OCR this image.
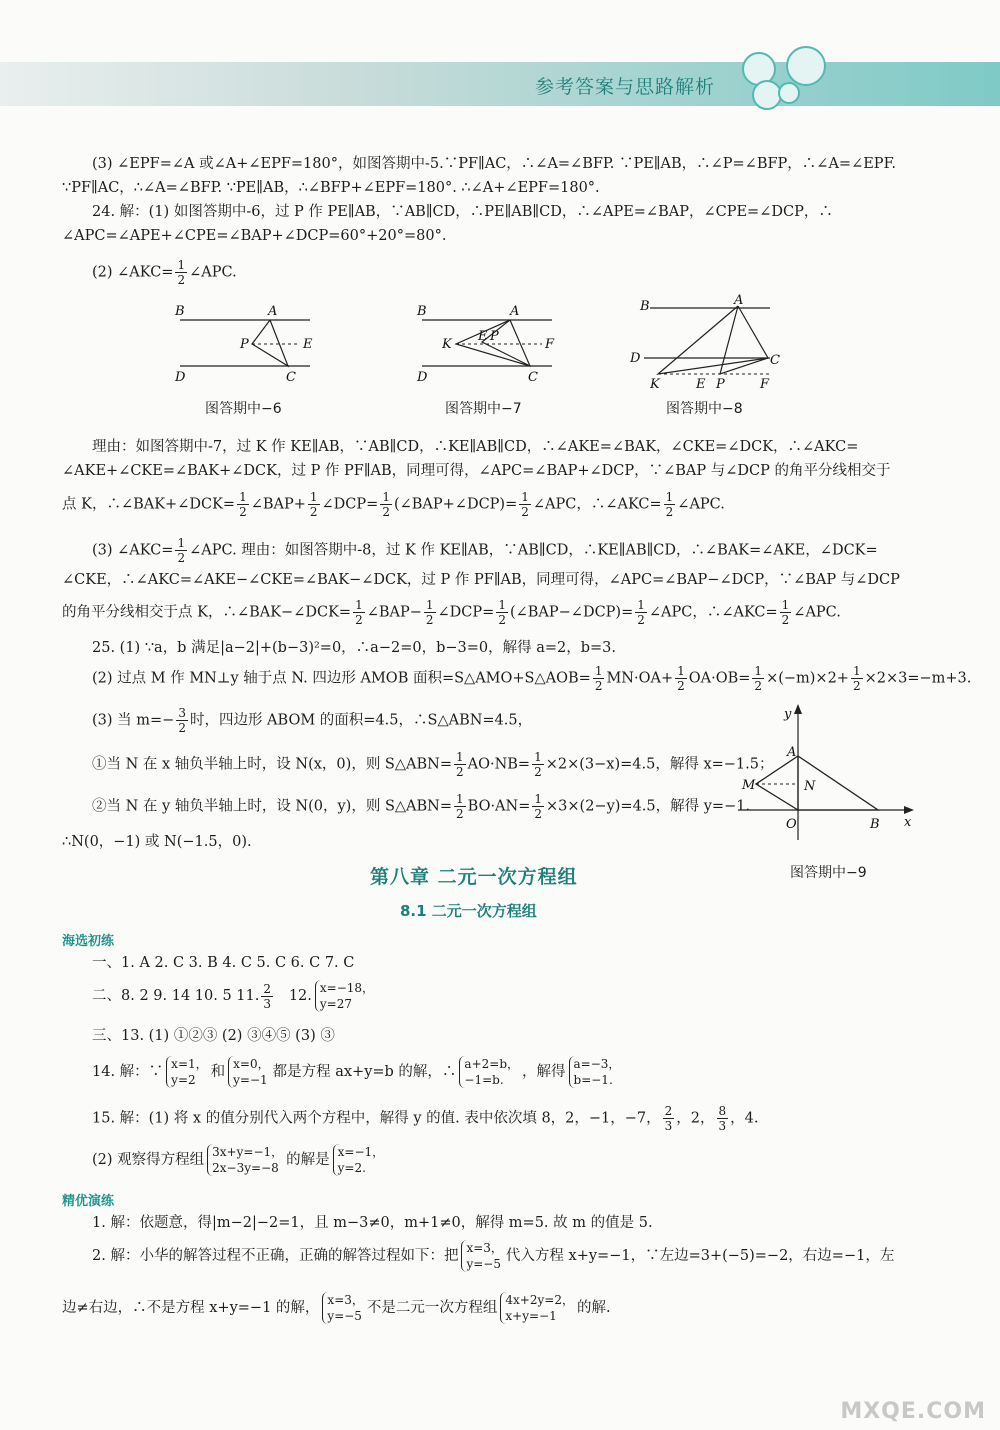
参考答案与思路解析
(3) ∠EPF=∠A 或∠A+∠EPF=180°，如图答期中-5.∵PF∥AC，∴∠A=∠BFP. ∵PE∥AB，∴∠P=∠BFP，∴∠A=∠EPF.
∵PF∥AC，∴∠A=∠BFP. ∵PE∥AB，∴∠BFP+∠EPF=180°. ∴∠A+∠EPF=180°.
24. 解：(1) 如图答期中-6，过 P 作 PE∥AB，∵AB∥CD，∴PE∥AB∥CD，∴∠APE=∠BAP，∠CPE=∠DCP，∴
∠APC=∠APE+∠CPE=∠BAP+∠DCP=60°+20°=80°.
(2) ∠AKC= $\frac{1}{2}$ ∠APC.
B	A
P	E
D	C
图答期中−6
B	A
K
E P
F
D	C
图答期中−7
B	A
D	C
K	E P	F
图答期中−8
理由：如图答期中-7，过 K 作 KE∥AB，∵AB∥CD，∴KE∥AB∥CD，∴∠AKE=∠BAK，∠CKE=∠DCK，∴∠AKC=
∠AKE+∠CKE=∠BAK+∠DCK，过 P 作 PF∥AB，同理可得，∠APC=∠BAP+∠DCP，∵∠BAP 与∠DCP 的角平分线相交于
点 K，∴∠BAK+∠DCK= $\frac{1}{2}$ ∠BAP+ $\frac{1}{2}$ ∠DCP= $\frac{1}{2}$ (∠BAP+∠DCP)= $\frac{1}{2}$ ∠APC，∴∠AKC= $\frac{1}{2}$ ∠APC.
(3) ∠AKC= $\frac{1}{2}$ ∠APC. 理由：如图答期中-8，过 K 作 KE∥AB，∵AB∥CD，∴KE∥AB∥CD，∴∠BAK=∠AKE，∠DCK=
∠CKE，∴∠AKC=∠AKE−∠CKE=∠BAK−∠DCK，过 P 作 PF∥AB，同理可得，∠APC=∠BAP−∠DCP，∵∠BAP 与∠DCP
的角平分线相交于点 K，∴∠BAK−∠DCK= $\frac{1}{2}$ ∠BAP− $\frac{1}{2}$ ∠DCP= $\frac{1}{2}$ (∠BAP−∠DCP)= $\frac{1}{2}$ ∠APC，∴∠AKC= $\frac{1}{2}$ ∠APC.
25. (1) ∵a，b 满足|a−2|+(b−3)²=0，∴a−2=0，b−3=0，解得 a=2，b=3.
(2) 过点 M 作 MN⊥y 轴于点 N. 四边形 AMOB 面积=S△AMO+S△AOB= $\frac{1}{2} MN\cdot OA+ \frac{1}{2} OA\cdot OB= \frac{1}{2} \times(-m)\times 2+ \frac{1}{2} \times 2\times 3=-m+3$.
(3) 当 $m=- \frac{3}{2}$ 时，四边形 ABOM 的面积=4.5，∴S△ABN=4.5，
①当 N 在 x 轴负半轴上时，设 N(x，0)，则 S△ABN= $\frac{1}{2} AO\cdot NB= \frac{1}{2} \times 2\times(3-x)=4.5$，解得 x=−1.5；
②当 N 在 y 轴负半轴上时，设 N(0，y)，则 S△ABN= $\frac{1}{2} BO\cdot AN= \frac{1}{2} \times 3\times(2-y)=4.5$，解得 y=−1.
∴N(0，−1) 或 N(−1.5，0).
y
A
M	N
O	B x
图答期中−9
第八章 二元一次方程组
8.1 二元一次方程组
海选初练
一、1. A 2. C 3. B 4. C 5. C 6. C 7. C
二、8. 2 9. 14 10. 5 11. $\frac{2}{3} 12$. x=−18，
y=27
三、13. (1) ①②③ (2) ③④⑤ (3) ③
14. 解：∵ x=1，
y=2	和 x=0，
y=−1 都是方程 ax+y=b 的解，∴ a+2=b，
−1=b.	，解得 a=−3，
b=−1.
15. 解：(1) 将 x 的值分别代入两个方程中，解得 y 的值. 表中依次填 8，2，−1，−7， $\frac{2}{3}$ ，2， $\frac{8}{3}$ ，4.
(2) 观察得方程组 3x+y=−1，
2x−3y=−8 的解是 x=−1，
y=2.
精优演练
1. 解：依题意，得|m−2|−2=1，且 m−3≠0，m+1≠0，解得 m=5. 故 m 的值是 5.
2. 解：小华的解答过程不正确，正确的解答过程如下：把 x=3，
y=−5 代入方程 x+y=−1，∵左边=3+(−5)=−2，右边=−1，左
边≠右边，∴不是方程 x+y=−1 的解， x=3，
y=−5 不是二元一次方程组 4x+2y=2，
x+y=−1	的解.
MXQE.COM
